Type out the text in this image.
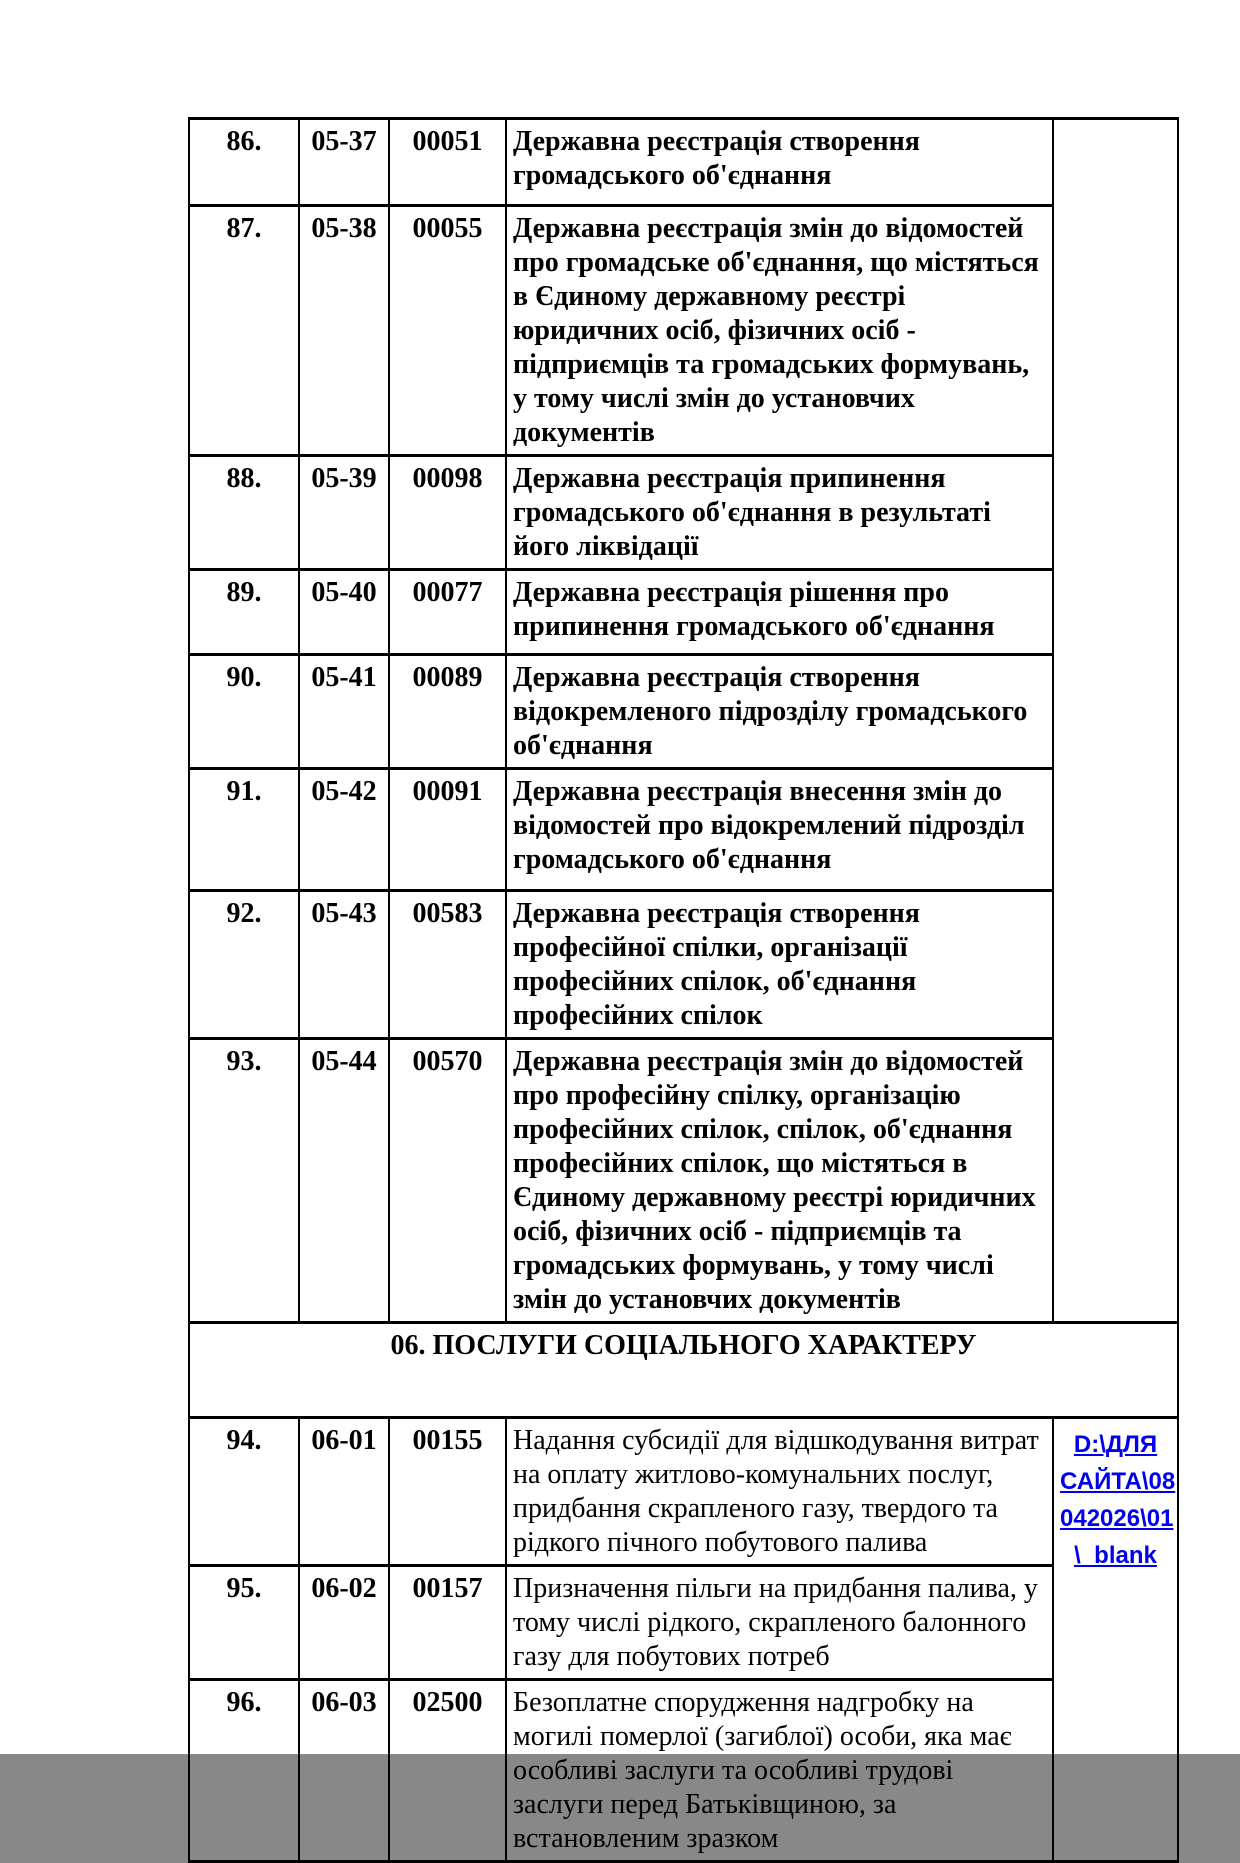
86.	05-37	00051	Державна реєстрація створення громадського об'єднання	
87.	05-38	00055	Державна реєстрація змін до відомостей про громадське об'єднання, що містяться в Єдиному державному реєстрі юридичних осіб, фізичних осіб - підприємців та громадських формувань, у тому числі змін до установчих документів	
88.	05-39	00098	Державна реєстрація припинення громадського об'єднання в результаті його ліквідації	
89.	05-40	00077	Державна реєстрація рішення про припинення громадського об'єднання	
90.	05-41	00089	Державна реєстрація створення відокремленого підрозділу громадського об'єднання	
91.	05-42	00091	Державна реєстрація внесення змін до відомостей про відокремлений підрозділ громадського об'єднання	
92.	05-43	00583	Державна реєстрація створення професійної спілки, організації професійних спілок, об'єднання професійних спілок	
93.	05-44	00570	Державна реєстрація змін до відомостей про професійну спілку, організацію професійних спілок, спілок, об'єднання професійних спілок, що містяться в Єдиному державному реєстрі юридичних осіб, фізичних осіб - підприємців та громадських формувань, у тому числі змін до установчих документів	
06. ПОСЛУГИ СОЦІАЛЬНОГО ХАРАКТЕРУ				
94.	06-01	00155	Надання субсидії для відшкодування витрат на оплату житлово-комунальних послуг, придбання скрапленого газу, твердого та рідкого пічного побутового палива	D:\ДЛЯ
САЙТА\08
042026\01
\_blank

95.	06-02	00157	Призначення пільги на придбання палива, у тому числі рідкого, скрапленого балонного газу для побутових потреб	
96.	06-03	02500	Безоплатне спорудження надгробку на могилі померлої (загиблої) особи, яка має особливі заслуги та особливі трудові заслуги перед Батьківщиною, за встановленим зразком	
